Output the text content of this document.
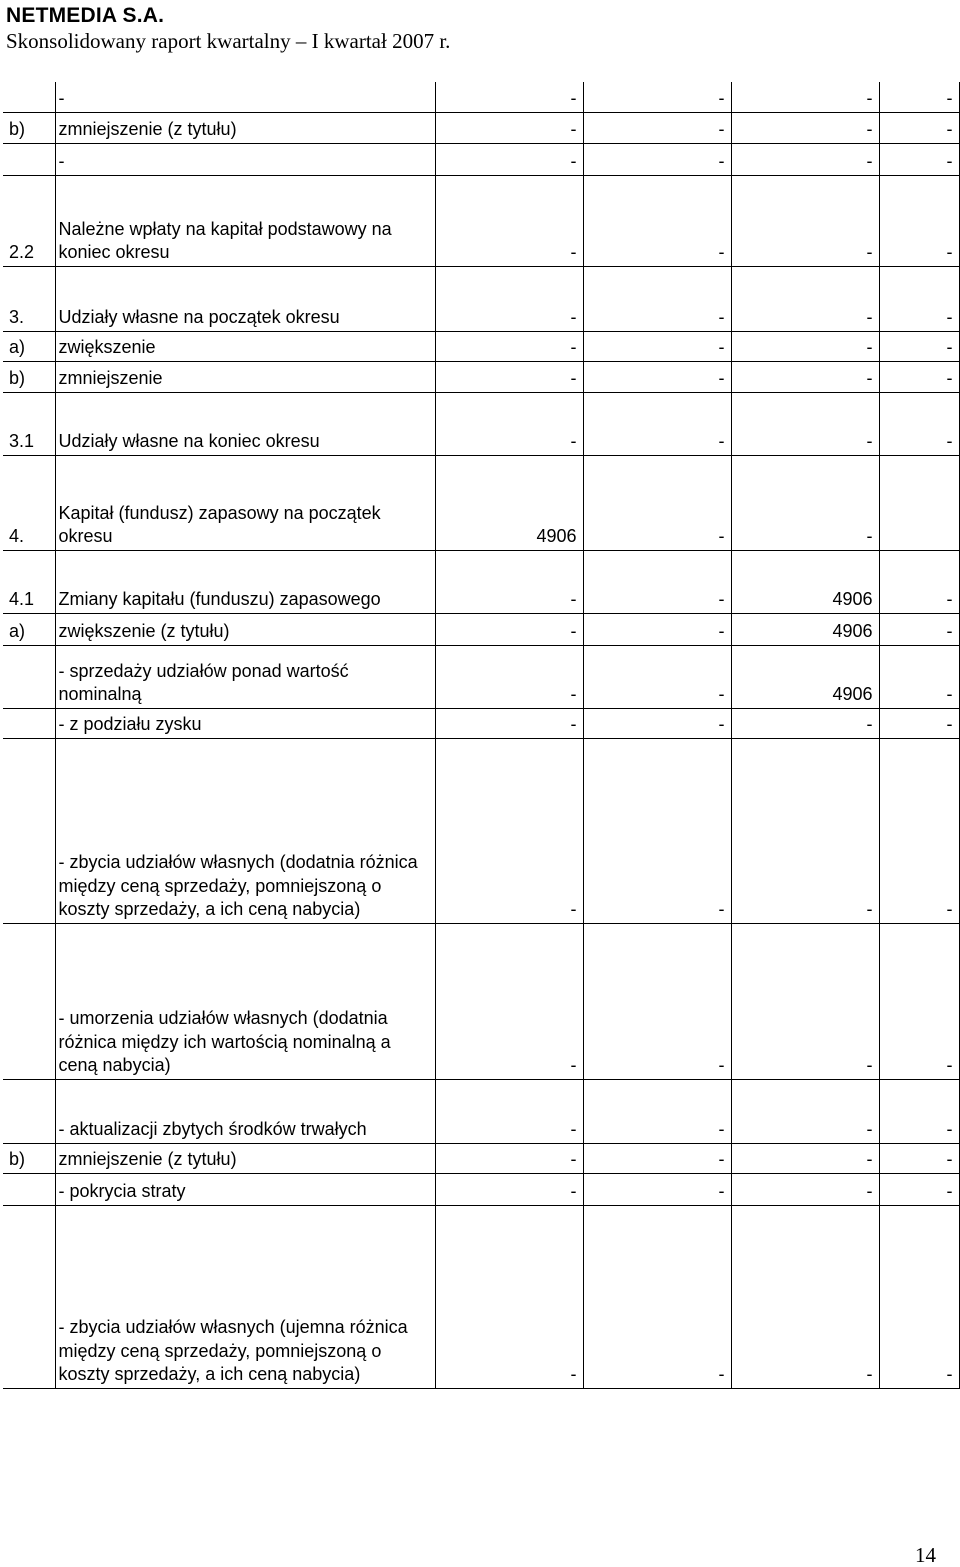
NETMEDIA S.A.
Skonsolidowany raport kwartalny – I kwartał 2007 r.
	-	-	-	-	-
b)	zmniejszenie (z tytułu)	-	-	-	-
	-	-	-	-	-
2.2	Należne wpłaty na kapitał podstawowy na koniec okresu	-	-	-	-
3.	Udziały własne na początek okresu	-	-	-	-
a)	zwiększenie	-	-	-	-
b)	zmniejszenie	-	-	-	-
3.1	Udziały własne na koniec okresu	-	-	-	-
4.	Kapitał (fundusz) zapasowy na początek okresu	4906	-	-	
4.1	Zmiany kapitału (funduszu) zapasowego	-	-	4906	-
a)	zwiększenie (z tytułu)	-	-	4906	-
	- sprzedaży udziałów ponad wartość nominalną	-	-	4906	-
	- z podziału zysku	-	-	-	-
	- zbycia udziałów własnych (dodatnia różnica między ceną sprzedaży, pomniejszoną o koszty sprzedaży, a ich ceną nabycia)	-	-	-	-
	- umorzenia udziałów własnych (dodatnia różnica między ich wartością nominalną a ceną nabycia)	-	-	-	-
	- aktualizacji zbytych środków trwałych	-	-	-	-
b)	zmniejszenie (z tytułu)	-	-	-	-
	- pokrycia straty	-	-	-	-
	- zbycia udziałów własnych (ujemna różnica między ceną sprzedaży, pomniejszoną o koszty sprzedaży, a ich ceną nabycia)	-	-	-	-
14
